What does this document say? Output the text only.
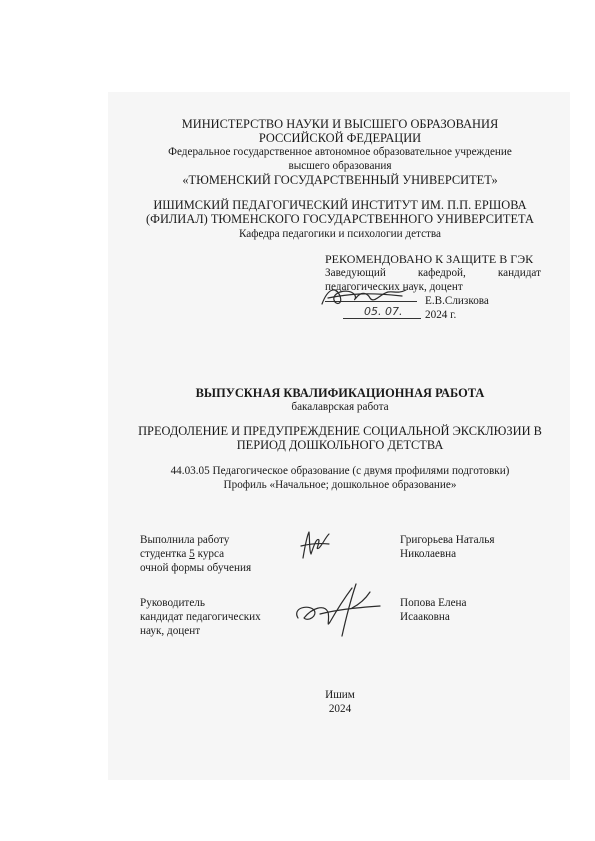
МИНИСТЕРСТВО НАУКИ И ВЫСШЕГО ОБРАЗОВАНИЯ
РОССИЙСКОЙ ФЕДЕРАЦИИ
Федеральное государственное автономное образовательное учреждение
высшего образования
«ТЮМЕНСКИЙ ГОСУДАРСТВЕННЫЙ УНИВЕРСИТЕТ»
ИШИМСКИЙ ПЕДАГОГИЧЕСКИЙ ИНСТИТУТ ИМ. П.П. ЕРШОВА
(ФИЛИАЛ) ТЮМЕНСКОГО ГОСУДАРСТВЕННОГО УНИВЕРСИТЕТА
Кафедра педагогики и психологии детства
РЕКОМЕНДОВАНО К ЗАЩИТЕ В ГЭК
Заведующий	кафедрой,	кандидат
педагогических наук, доцент
Е.В.Слизкова
2024 г.
05. 07.
ВЫПУСКНАЯ КВАЛИФИКАЦИОННАЯ РАБОТА
бакалаврская работа
ПРЕОДОЛЕНИЕ И ПРЕДУПРЕЖДЕНИЕ СОЦИАЛЬНОЙ ЭКСКЛЮЗИИ В
ПЕРИОД ДОШКОЛЬНОГО ДЕТСТВА
44.03.05 Педагогическое образование (с двумя профилями подготовки)
Профиль «Начальное; дошкольное образование»
Выполнила работу
студентка 5 курса
очной формы обучения
Григорьева Наталья
Николаевна
Руководитель
кандидат педагогических
наук, доцент
Попова Елена
Исааковна
Ишим
2024
